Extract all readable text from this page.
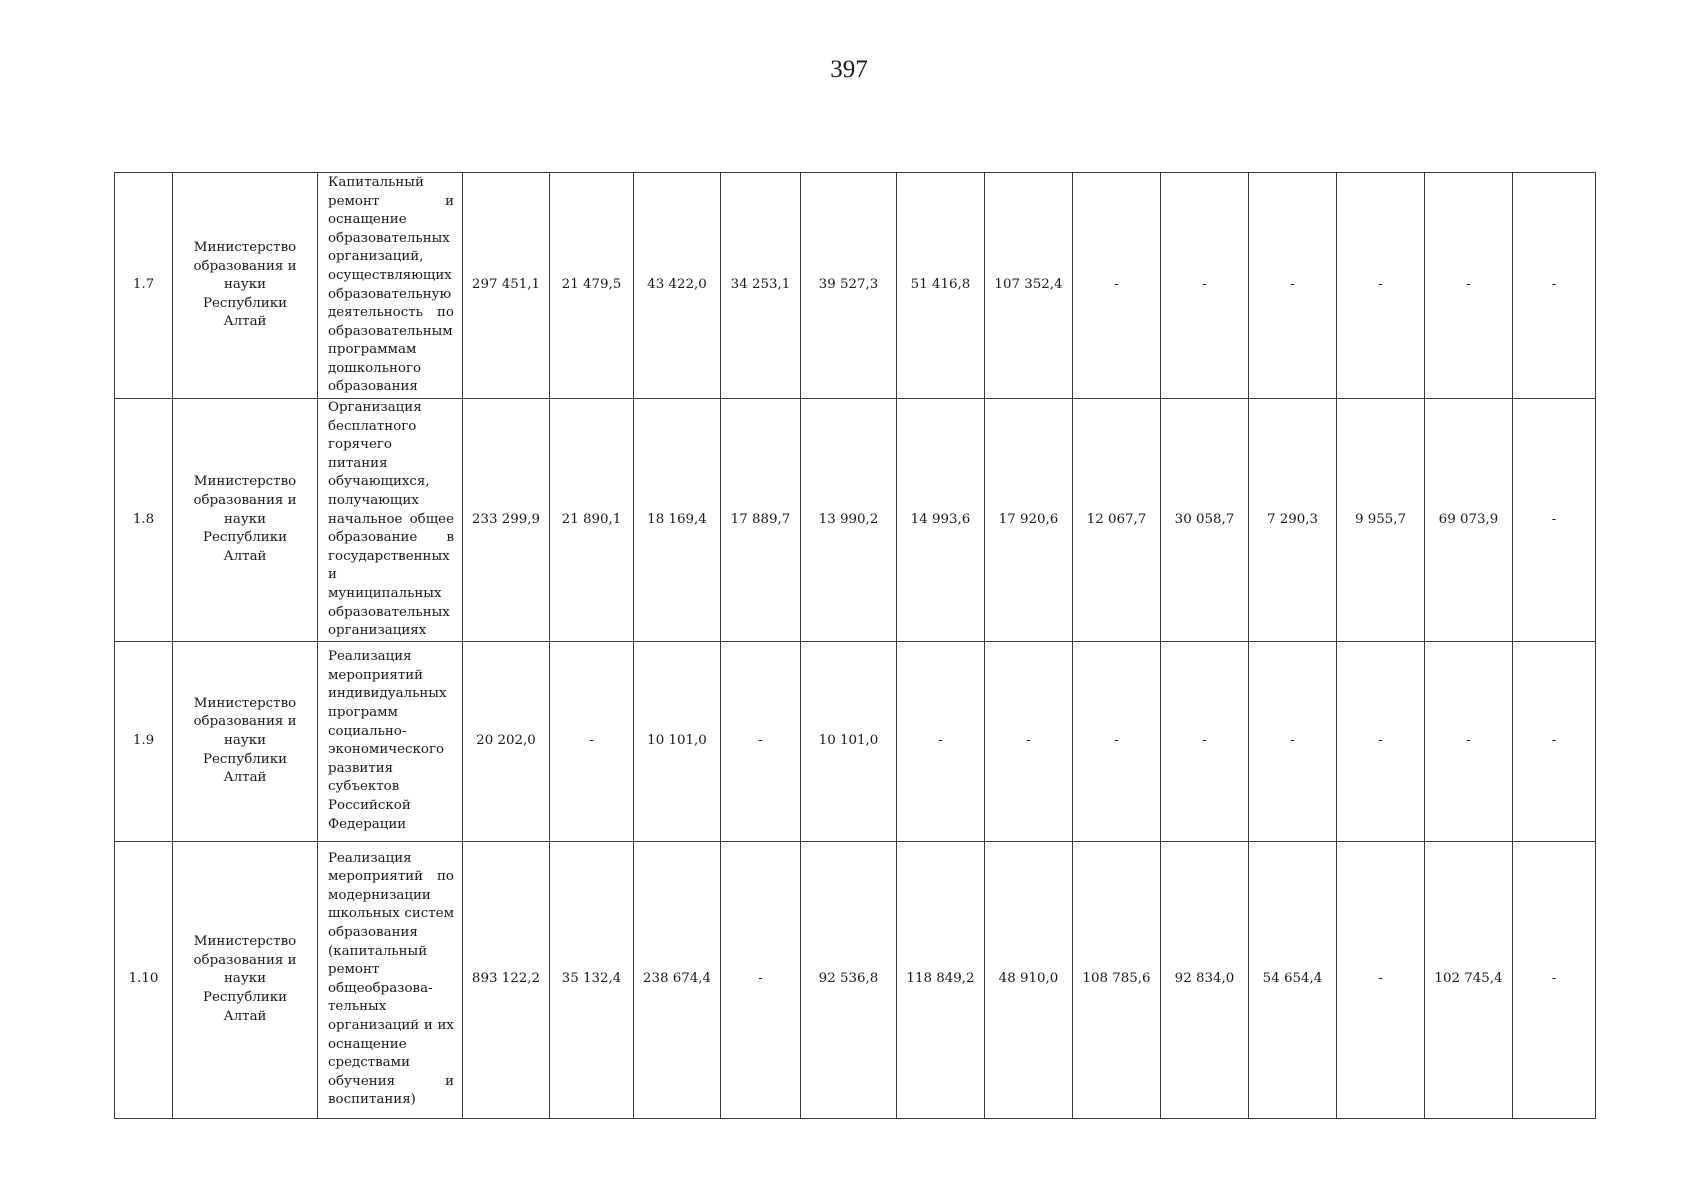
397
1.7	Министерство образования и науки Республики Алтай	Капитальный ремонт и оснащение образовательных организаций, осуществляющих образовательную деятельность по образовательным программам дошкольного образования	297 451,1	21 479,5	43 422,0	34 253,1	39 527,3	51 416,8	107 352,4	-	-	-	-	-	-
1.8	Министерство образования и науки Республики Алтай	Организация бесплатного горячего питания обучающихся, получающих начальное общее образование в государственных и муниципальных образовательных организациях	233 299,9	21 890,1	18 169,4	17 889,7	13 990,2	14 993,6	17 920,6	12 067,7	30 058,7	7 290,3	9 955,7	69 073,9	-
1.9	Министерство образования и науки Республики Алтай	Реализация мероприятий индивидуальных программ социально-экономического развития субъектов Российской Федерации	20 202,0	-	10 101,0	-	10 101,0	-	-	-	-	-	-	-	-
1.10	Министерство образования и науки Республики Алтай	Реализация мероприятий по модернизации школьных систем образования (капитальный ремонт общеобразова-тельных организаций и их оснащение средствами обучения и воспитания)	893 122,2	35 132,4	238 674,4	-	92 536,8	118 849,2	48 910,0	108 785,6	92 834,0	54 654,4	-	102 745,4	-
